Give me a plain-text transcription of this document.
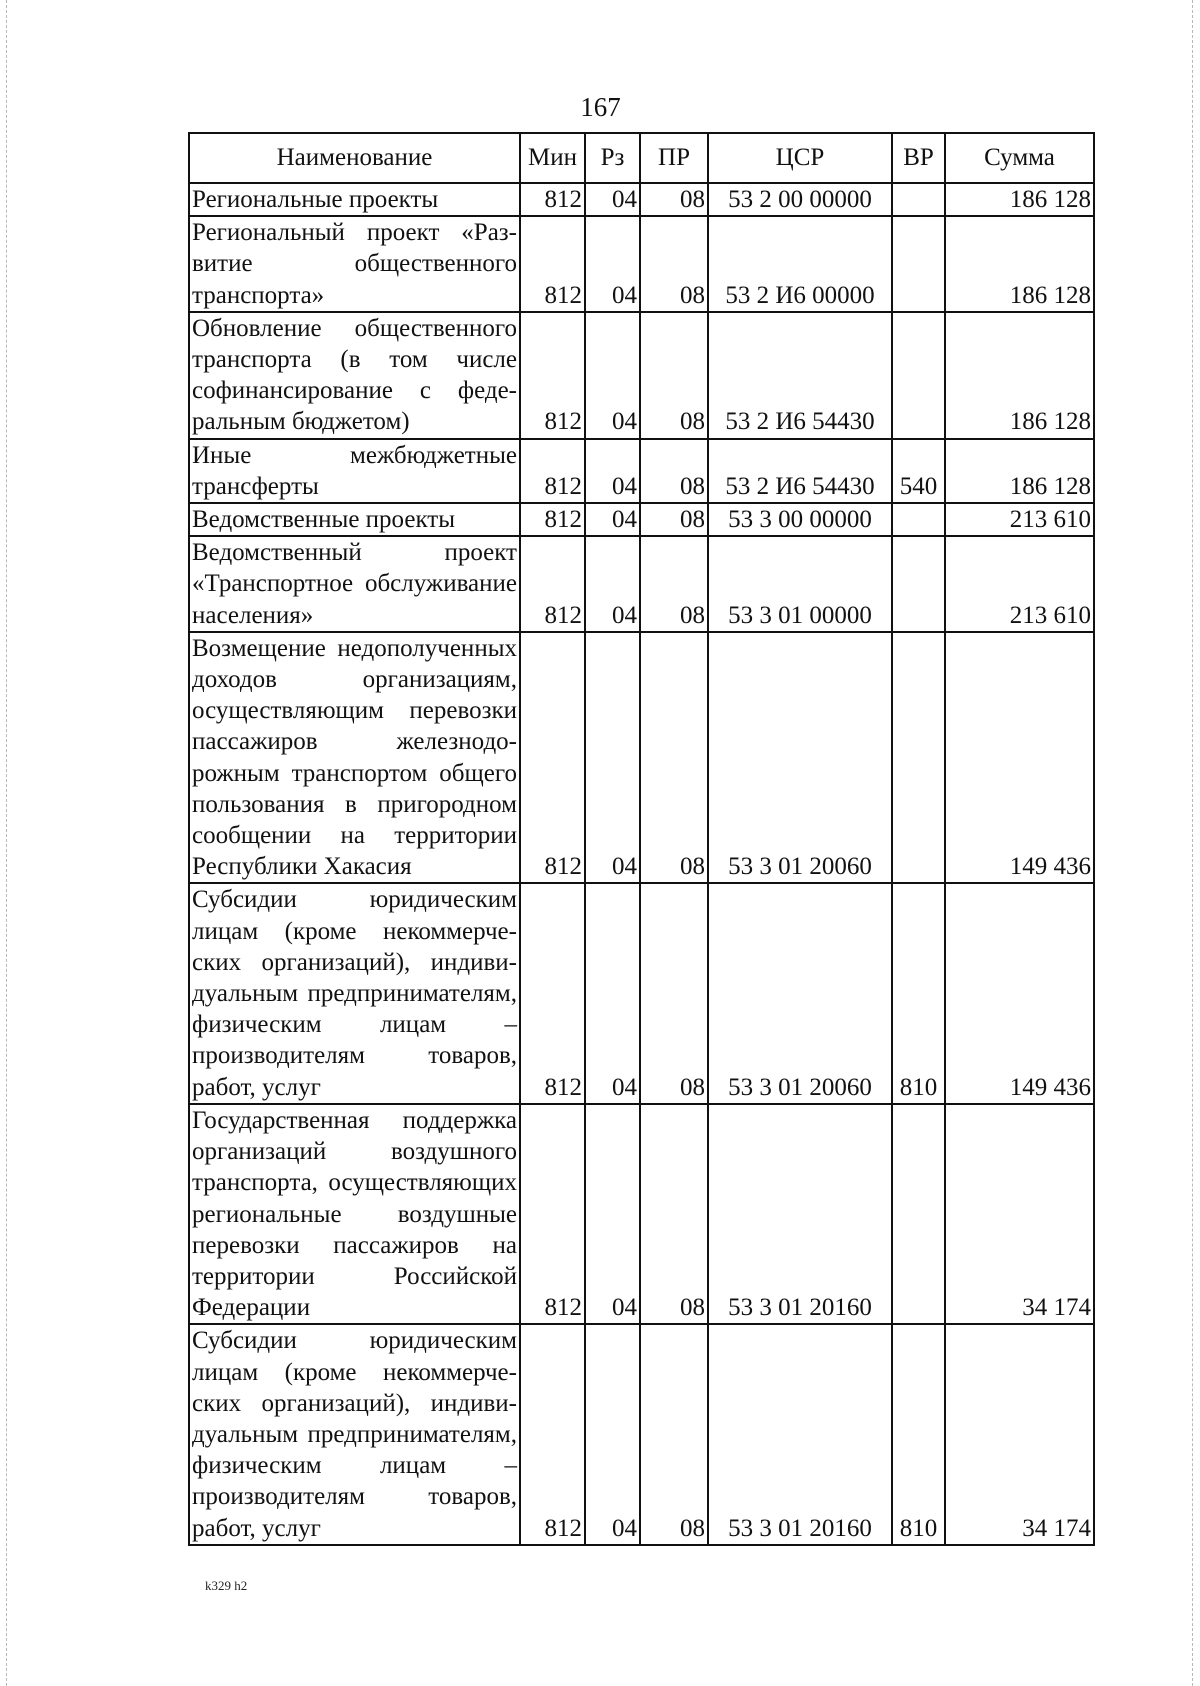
167
Наименование	Мин	Рз	ПР	ЦСР	ВР	Сумма
Региональные проекты	812	04	08	53 2 00 00000		186 128
Региональный проект «Развитие общественного транспорта»	812	04	08	53 2 И6 00000		186 128
Обновление общественного транспорта (в том числе софинансирование с федеральным бюджетом)	812	04	08	53 2 И6 54430		186 128
Иные межбюджетные трансферты	812	04	08	53 2 И6 54430	540	186 128
Ведомственные проекты	812	04	08	53 3 00 00000		213 610
Ведомственный проект «Транспортное обслуживание населения»	812	04	08	53 3 01 00000		213 610
Возмещение недополученных доходов организациям, осуществляющим перевозки пассажиров железнодорожным транспортом общего пользования в пригородном сообщении на территории Республики Хакасия	812	04	08	53 3 01 20060		149 436
Субсидии юридическим лицам (кроме некоммерческих организаций), индивидуальным предпринимателям, физическим лицам – производителям товаров, работ, услуг	812	04	08	53 3 01 20060	810	149 436
Государственная поддержка организаций воздушного транспорта, осуществляющих региональные воздушные перевозки пассажиров на территории Российской Федерации	812	04	08	53 3 01 20160		34 174
Субсидии юридическим лицам (кроме некоммерческих организаций), индивидуальным предпринимателям, физическим лицам – производителям товаров, работ, услуг	812	04	08	53 3 01 20160	810	34 174
k329 h2
